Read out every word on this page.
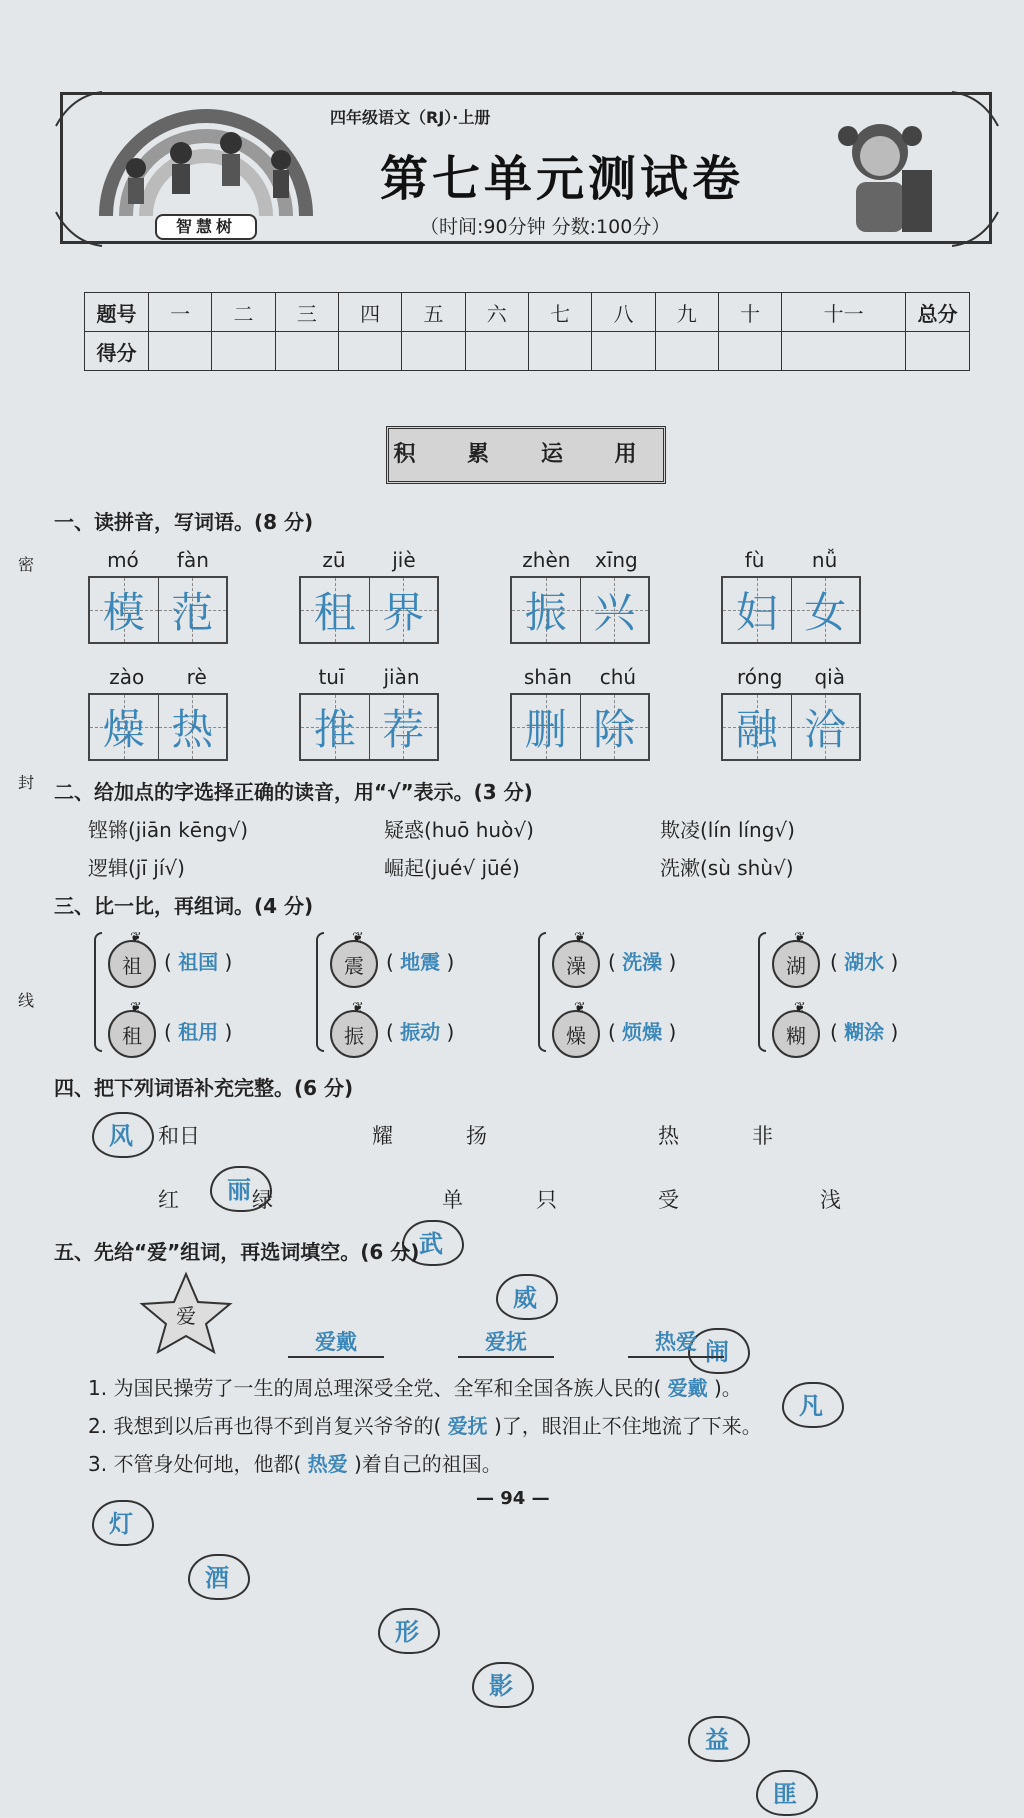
智慧树
四年级语文（RJ）·上册
第七单元测试卷
（时间:90分钟 分数:100分）
密
封
线
题号	一	二	三	四	五	六	七	八	九	十	十一	总分
得分												
积 累 运 用
一、读拼音，写词语。(8 分)
mó fàn
模 范
zū jiè
租 界
zhèn xīng
振 兴
fù nǚ
妇 女
zào rè
燥 热
tuī jiàn
推 荐
shān chú
删 除
róng qià
融 洽
二、给加点的字选择正确的读音，用“√”表示。(3 分)
铿锵(jiān kēng√)	疑惑(huō huò√)	欺凌(lín líng√)
逻辑(jī jí√)	崛起(jué√ jūé)	洗漱(sù shù√)
三、比一比，再组词。(4 分)
❦
祖 ( 祖国 )
❦
租 ( 租用 )
❦
震 ( 地震 )
❦
振 ( 振动 )
❦
澡 ( 洗澡 )
❦
燥 ( 烦燥 )
❦
湖 ( 湖水 )
❦
糊 ( 糊涂 )
四、把下列词语补充完整。(6 分)
风 和日
丽
耀
武
扬
威
热
闹
非
凡
灯
红
酒
绿
形
单
影
只	受
益
匪
浅
五、先给“爱”组词，再选词填空。(6 分)
爱
爱戴	爱抚	热爱
1. 为国民操劳了一生的周总理深受全党、全军和全国各族人民的( 爱戴 )。
2. 我想到以后再也得不到肖复兴爷爷的( 爱抚 )了，眼泪止不住地流了下来。
3. 不管身处何地，他都( 热爱 )着自己的祖国。
— 94 —
